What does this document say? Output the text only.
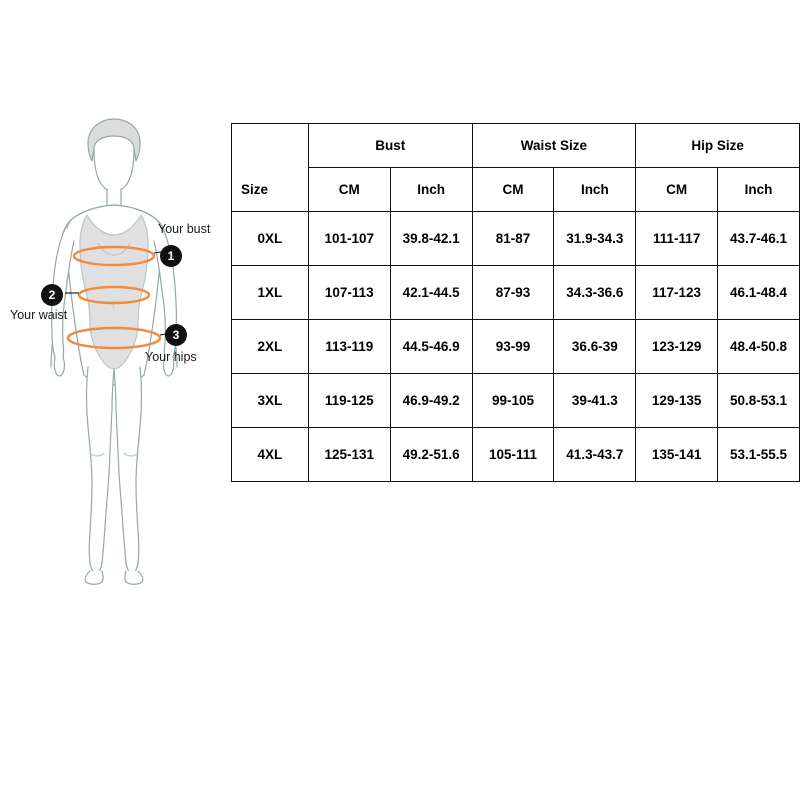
1
Your bust
2
Your waist
3
Your hips
Size	Bust		Waist Size		Hip Size	
	CM	Inch	CM	Inch	CM	Inch
0XL	101-107	39.8-42.1	81-87	31.9-34.3	111-117	43.7-46.1
1XL	107-113	42.1-44.5	87-93	34.3-36.6	117-123	46.1-48.4
2XL	113-119	44.5-46.9	93-99	36.6-39	123-129	48.4-50.8
3XL	119-125	46.9-49.2	99-105	39-41.3	129-135	50.8-53.1
4XL	125-131	49.2-51.6	105-111	41.3-43.7	135-141	53.1-55.5
